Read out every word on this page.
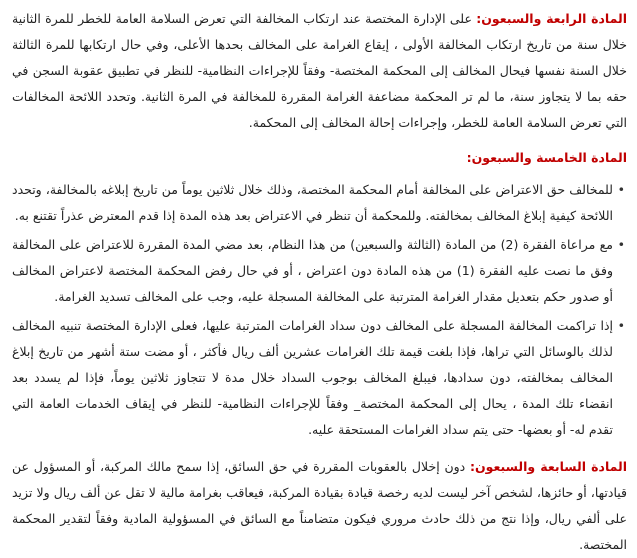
المادة الرابعة والسبعون: على الإدارة المختصة عند ارتكاب المخالفة التي تعرض السلامة العامة للخطر للمرة الثانية خلال سنة من تاريخ ارتكاب المخالفة الأولى ، إيقاع الغرامة على المخالف بحدها الأعلى، وفي حال ارتكابها للمرة الثالثة خلال السنة نفسها فيحال المخالف إلى المحكمة المختصة- وفقاً للإجراءات النظامية- للنظر في تطبيق عقوبة السجن في حقه بما لا يتجاوز سنة، ما لم تر المحكمة مضاعفة الغرامة المقررة للمخالفة في المرة الثانية. وتحدد اللائحة المخالفات التي تعرض السلامة العامة للخطر، وإجراءات إحالة المخالف إلى المحكمة.

المادة الخامسة والسبعون:
• للمخالف حق الاعتراض على المخالفة أمام المحكمة المختصة، وذلك خلال ثلاثين يوماً من تاريخ إبلاغه بالمخالفة، وتحدد اللائحة كيفية إبلاغ المخالف بمخالفته. وللمحكمة أن تنظر في الاعتراض بعد هذه المدة إذا قدم المعترض عذراً تقتنع به.
• مع مراعاة الفقرة (2) من المادة (الثالثة والسبعين) من هذا النظام، بعد مضي المدة المقررة للاعتراض على المخالفة وفق ما نصت عليه الفقرة (1) من هذه المادة دون اعتراض ، أو في حال رفض المحكمة المختصة لاعتراض المخالف أو صدور حكم بتعديل مقدار الغرامة المترتبة على المخالفة المسجلة عليه، وجب على المخالف تسديد الغرامة.
• إذا تراكمت المخالفة المسجلة على المخالف دون سداد الغرامات المترتبة عليها، فعلى الإدارة المختصة تنبيه المخالف لذلك بالوسائل التي تراها، فإذا بلغت قيمة تلك الغرامات عشرين ألف ريال فأكثر ، أو مضت ستة أشهر من تاريخ إبلاغ المخالف بمخالفته، دون سدادها، فيبلغ المخالف بوجوب السداد خلال مدة لا تتجاوز ثلاثين يوماً، فإذا لم يسدد بعد انقضاء تلك المدة ، يحال إلى المحكمة المختصة_ وفقاً للإجراءات النظامية- للنظر في إيقاف الخدمات العامة التي تقدم له- أو بعضها- حتى يتم سداد الغرامات المستحقة عليه.

المادة السابعة والسبعون: دون إخلال بالعقوبات المقررة في حق السائق، إذا سمح مالك المركبة، أو المسؤول عن قيادتها، أو حائزها، لشخص آخر ليست لديه رخصة قيادة بقيادة المركبة، فيعاقب بغرامة مالية لا تقل عن ألف ريال ولا تزيد على ألفي ريال، وإذا نتج من ذلك حادث مروري فيكون متضامناً مع السائق في المسؤولية المادية وفقاً لتقدير المحكمة المختصة.
